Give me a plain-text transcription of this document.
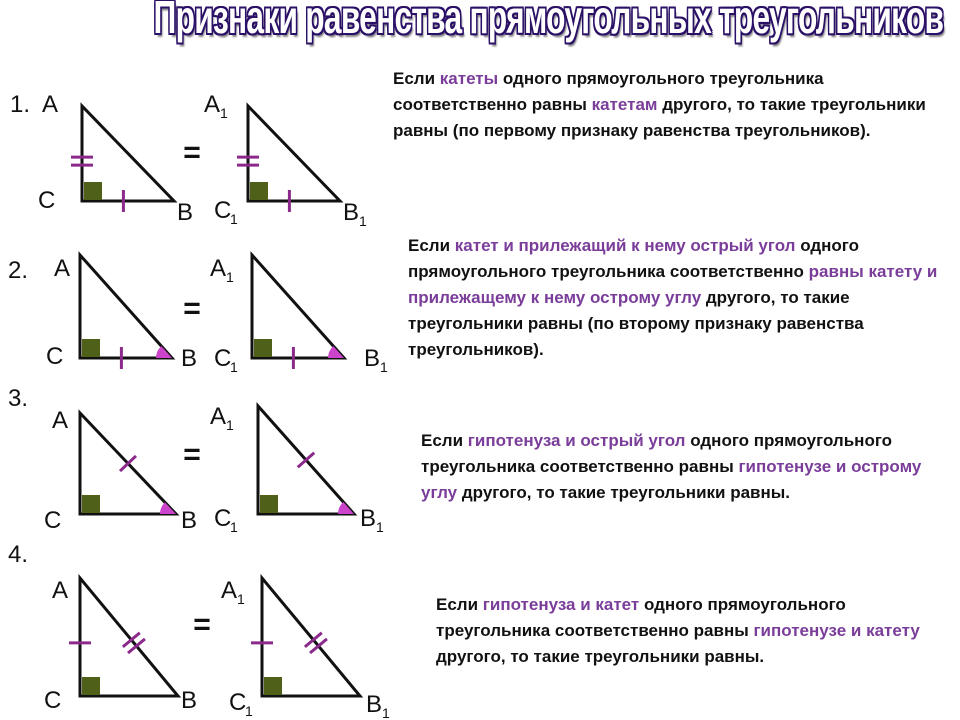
Признаки равенства прямоугольных треугольников
1.
=
A
C	B
A 1
C
1	B 1
2.
=
A
C	B
A 1
C
1	B 1
3.
=
A
C	B
A 1
C
1	B 1
4.
=
A
C	B
A 1
C
1	B 1

Если катеты одного прямоугольного треугольника соответственно равны катетам другого, то такие треугольники равны (по первому признаку равенства треугольников).

Если катет и прилежащий к нему острый угол одного прямоугольного треугольника соответственно равны катету и прилежащему к нему острому углу другого, то такие треугольники равны (по второму признаку равенства треугольников).

Если гипотенуза и острый угол одного прямоугольного треугольника соответственно равны гипотенузе и острому углу другого, то такие треугольники равны.

Если гипотенуза и катет одного прямоугольного треугольника соответственно равны гипотенузе и катету другого, то такие треугольники равны.
